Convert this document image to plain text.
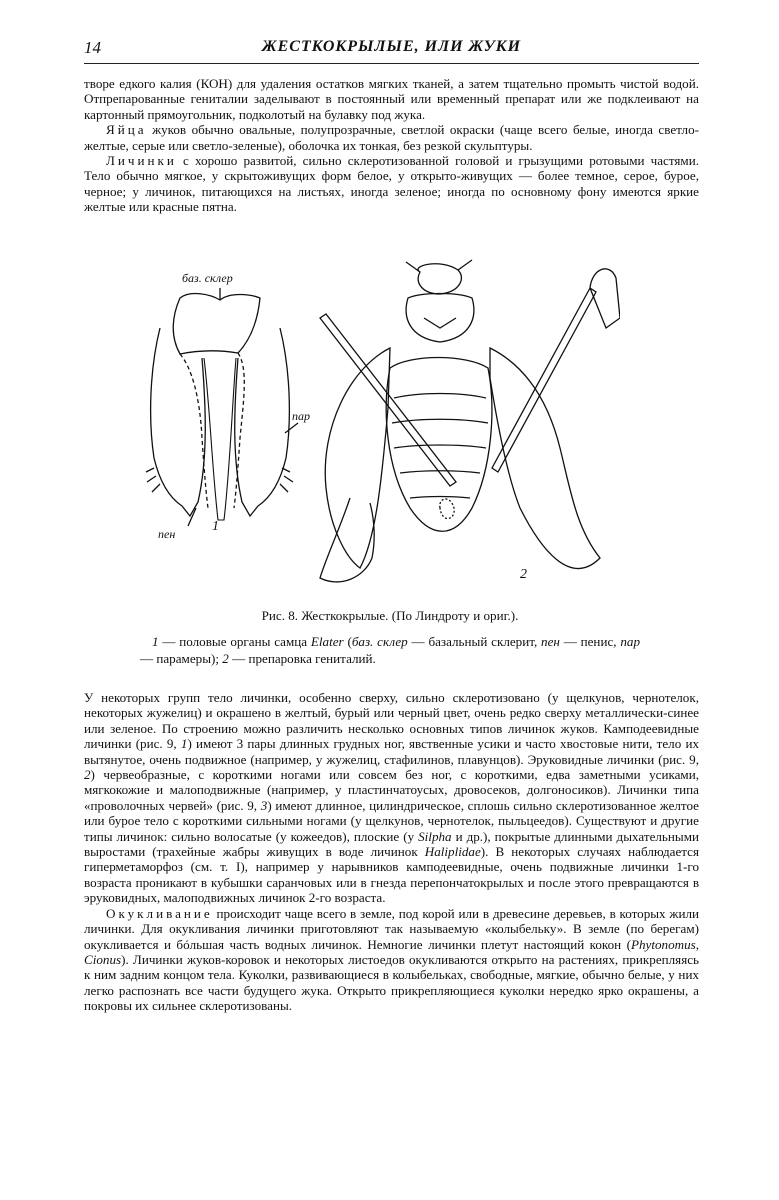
14	ЖЕСТКОКРЫЛЫЕ, ИЛИ ЖУКИ

творе едкого калия (КОН) для удаления остатков мягких тканей, а затем тщательно промыть чистой водой. Отпрепарованные гениталии заделывают в постоянный или временный препарат или же подклеивают на картонный прямоугольник, подколотый на булавку под жука.

Яйца жуков обычно овальные, полупрозрачные, светлой окраски (чаще всего белые, иногда светло-желтые, серые или светло-зеленые), оболочка их тонкая, без резкой скульптуры.

Личинки с хорошо развитой, сильно склеротизованной головой и грызущими ротовыми частями. Тело обычно мягкое, у скрытоживущих форм белое, у открыто-живущих — более темное, серое, бурое, черное; у личинок, питающихся на листьях, иногда зеленое; иногда по основному фону имеются яркие желтые или красные пятна.

баз. склер
пар
пен	1
2
Рис. 8. Жесткокрылые. (По Линдроту и ориг.).
1 — половые органы самца Elater (баз. склер — базальный склерит, пен — пенис, пар — парамеры); 2 — препаровка гениталий.

У некоторых групп тело личинки, особенно сверху, сильно склеротизовано (у щелкунов, чернотелок, некоторых жужелиц) и окрашено в желтый, бурый или черный цвет, очень редко сверху металлически-синее или зеленое. По строению можно различить несколько основных типов личинок жуков. Камподеевидные личинки (рис. 9, 1) имеют 3 пары длинных грудных ног, явственные усики и часто хвостовые нити, тело их вытянутое, очень подвижное (например, у жужелиц, стафилинов, плавунцов). Эруковидные личинки (рис. 9, 2) червеобразные, с короткими ногами или совсем без ног, с короткими, едва заметными усиками, мягкокожие и малоподвижные (например, у пластинчатоусых, дровосеков, долгоносиков). Личинки типа «проволочных червей» (рис. 9, 3) имеют длинное, цилиндрическое, сплошь сильно склеротизованное желтое или бурое тело с короткими сильными ногами (у щелкунов, чернотелок, пыльцеедов). Существуют и другие типы личинок: сильно волосатые (у кожеедов), плоские (у Silpha и др.), покрытые длинными дыхательными выростами (трахейные жабры живущих в воде личинок Haliplidae). В некоторых случаях наблюдается гиперметаморфоз (см. т. I), например у нарывников камподеевидные, очень подвижные личинки 1-го возраста проникают в кубышки саранчовых или в гнезда перепончатокрылых и после этого превращаются в эруковидных, малоподвижных личинок 2-го возраста.

Окукливание происходит чаще всего в земле, под корой или в древесине деревьев, в которых жили личинки. Для окукливания личинки приготовляют так называемую «колыбельку». В земле (по берегам) окукливается и бóльшая часть водных личинок. Немногие личинки плетут настоящий кокон (Phytonomus, Cionus). Личинки жуков-коровок и некоторых листоедов окукливаются открыто на растениях, прикрепляясь к ним задним концом тела. Куколки, развивающиеся в колыбельках, свободные, мягкие, обычно белые, у них легко распознать все части будущего жука. Открыто прикрепляющиеся куколки нередко ярко окрашены, а покровы их сильнее склеротизованы.
